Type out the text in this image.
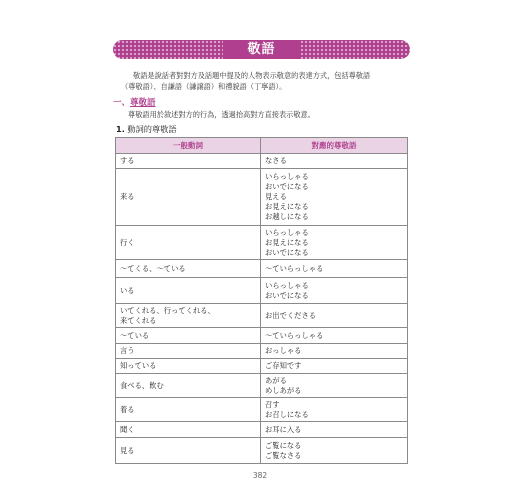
敬語
敬語是說話者對對方及話題中提及的人物表示敬意的表達方式，包括尊敬語
（尊敬語）、自謙語（謙譲語）和禮貌語（丁寧語）。
一、尊敬語
尊敬語用於敘述對方的行為，透過抬高對方直接表示敬意。
1. 動詞的尊敬語
一般動詞	對應的尊敬語

する	なさる

来る	いらっしゃる
おいでになる
見える
お見えになる
お越しになる

行く	いらっしゃる
お見えになる
おいでになる

～てくる、～ている	～ていらっしゃる

いる	いらっしゃる
おいでになる

いてくれる、行ってくれる、
来てくれる	お出でくださる

～ている	～ていらっしゃる

言う	おっしゃる

知っている	ご存知です

食べる、飲む	あがる
めしあがる

着る	召す
お召しになる

聞く	お耳に入る

見る	ご覧になる
ご覧なさる
382
